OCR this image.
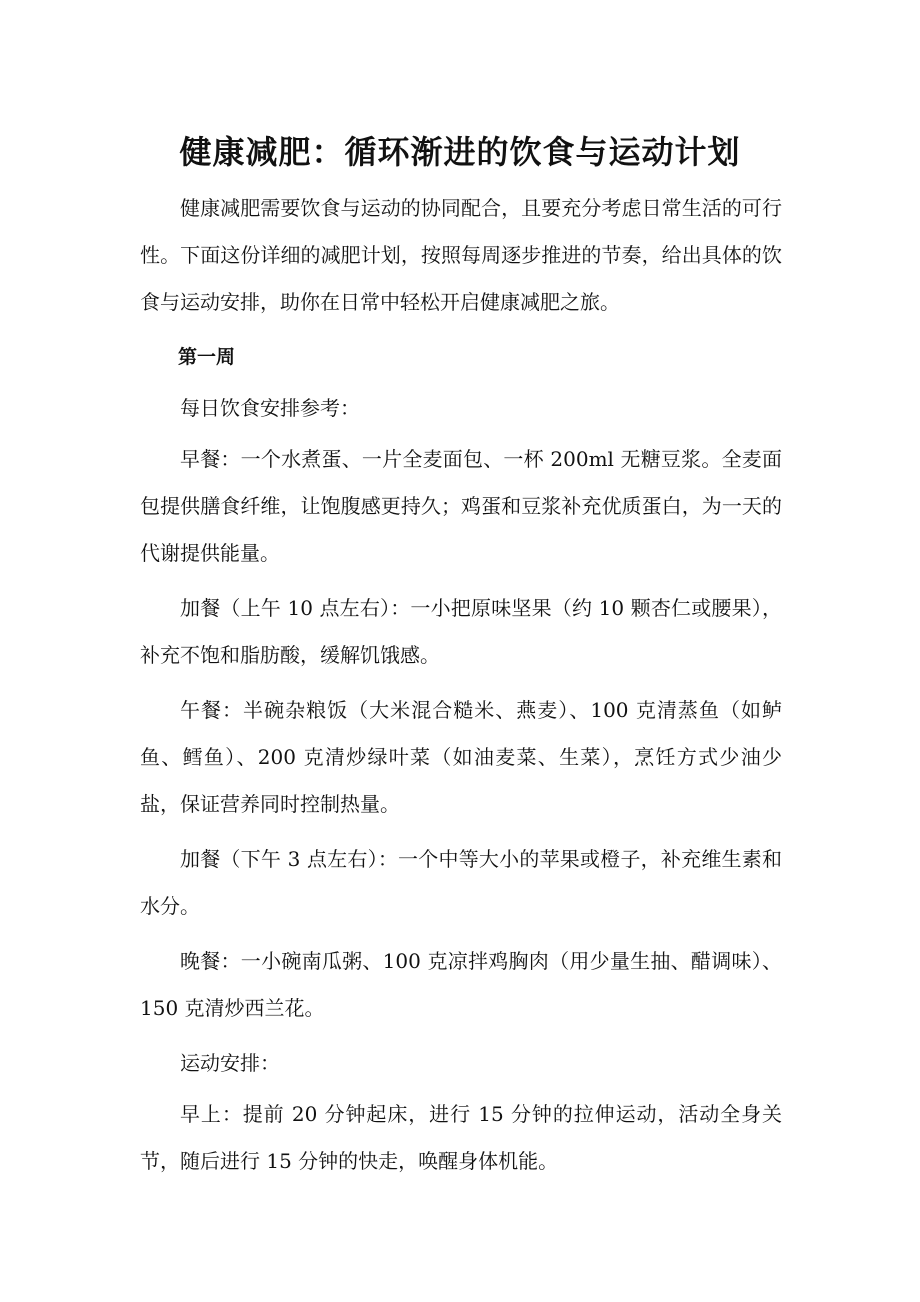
健康减肥：循环渐进的饮食与运动计划

健康减肥需要饮食与运动的协同配合，且要充分考虑日常生活的可行性。下面这份详细的减肥计划，按照每周逐步推进的节奏，给出具体的饮食与运动安排，助你在日常中轻松开启健康减肥之旅。

第一周

每日饮食安排参考：

早餐：一个水煮蛋、一片全麦面包、一杯 200ml 无糖豆浆。全麦面包提供膳食纤维，让饱腹感更持久；鸡蛋和豆浆补充优质蛋白，为一天的代谢提供能量。

加餐（上午 10 点左右）：一小把原味坚果（约 10 颗杏仁或腰果），补充不饱和脂肪酸，缓解饥饿感。

午餐：半碗杂粮饭（大米混合糙米、燕麦）、100 克清蒸鱼（如鲈鱼、鳕鱼）、200 克清炒绿叶菜（如油麦菜、生菜），烹饪方式少油少盐，保证营养同时控制热量。

加餐（下午 3 点左右）：一个中等大小的苹果或橙子，补充维生素和水分。

晚餐：一小碗南瓜粥、100 克凉拌鸡胸肉（用少量生抽、醋调味）、150 克清炒西兰花。

运动安排：

早上：提前 20 分钟起床，进行 15 分钟的拉伸运动，活动全身关节，随后进行 15 分钟的快走，唤醒身体机能。
